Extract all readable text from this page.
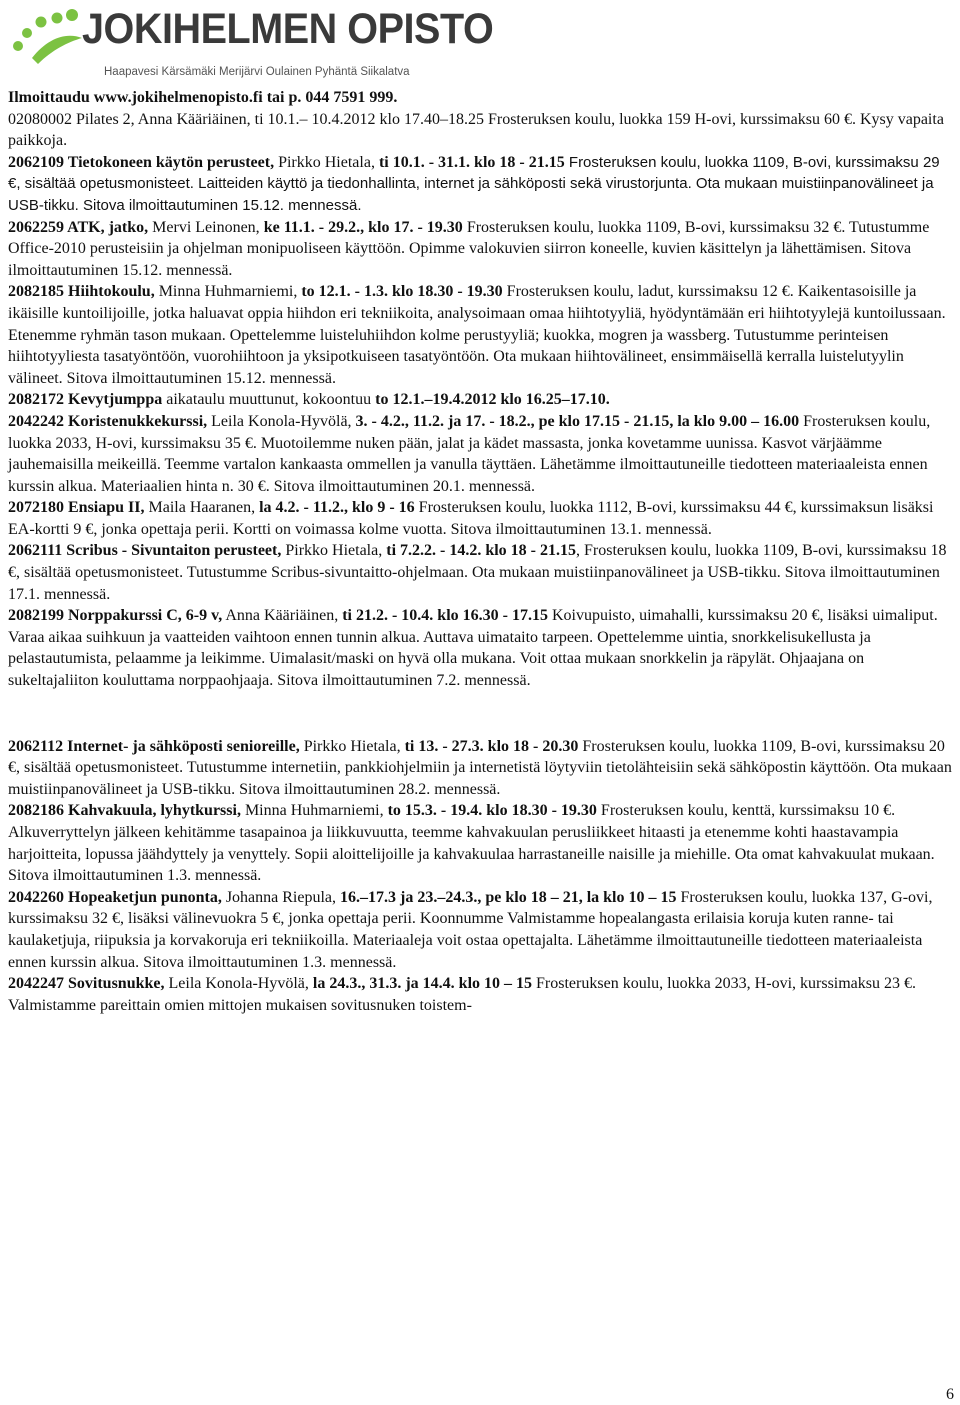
JOKIHELMEN OPISTO
Haapavesi Kärsämäki Merijärvi Oulainen Pyhäntä Siikalatva

Ilmoittaudu www.jokihelmenopisto.fi tai p. 044 7591 999.

02080002 Pilates 2, Anna Kääriäinen, ti 10.1.– 10.4.2012 klo 17.40–18.25 Frosteruksen koulu, luokka 159 H-ovi, kurssimaksu 60 €. Kysy vapaita paikkoja.

2062109 Tietokoneen käytön perusteet, Pirkko Hietala, ti 10.1. - 31.1. klo 18 - 21.15 Frosteruksen koulu, luokka 1109, B-ovi, kurssimaksu 29 €, sisältää opetusmonisteet. Laitteiden käyttö ja tiedonhallinta, internet ja sähköposti sekä virustorjunta. Ota mukaan muistiinpanovälineet ja USB-tikku. Sitova ilmoittautuminen 15.12. mennessä.

2062259 ATK, jatko, Mervi Leinonen, ke 11.1. - 29.2., klo 17. - 19.30 Frosteruksen koulu, luokka 1109, B-ovi, kurssimaksu 32 €. Tutustumme Office-2010 perusteisiin ja ohjelman monipuoliseen käyttöön. Opimme valokuvien siirron koneelle, kuvien käsittelyn ja lähettämisen. Sitova ilmoittautuminen 15.12. mennessä.

2082185 Hiihtokoulu, Minna Huhmarniemi, to 12.1. - 1.3. klo 18.30 - 19.30 Frosteruksen koulu, ladut, kurssimaksu 12 €. Kaikentasoisille ja ikäisille kuntoilijoille, jotka haluavat oppia hiihdon eri tekniikoita, analysoimaan omaa hiihtotyyliä, hyödyntämään eri hiihtotyylejä kuntoilussaan. Etenemme ryhmän tason mukaan. Opettelemme luisteluhiihdon kolme perustyyliä; kuokka, mogren ja wassberg. Tutustumme perinteisen hiihtotyyliesta tasatyöntöön, vuorohiihtoon ja yksipotkuiseen tasatyöntöön. Ota mukaan hiihtovälineet, ensimmäisellä kerralla luistelutyylin välineet. Sitova ilmoittautuminen 15.12. mennessä.

2082172 Kevytjumppa aikataulu muuttunut, kokoontuu to 12.1.–19.4.2012 klo 16.25–17.10.

2042242 Koristenukkekurssi, Leila Konola-Hyvölä, 3. - 4.2., 11.2. ja 17. - 18.2., pe klo 17.15 - 21.15, la klo 9.00 – 16.00 Frosteruksen koulu, luokka 2033, H-ovi, kurssimaksu 35 €. Muotoilemme nuken pään, jalat ja kädet massasta, jonka kovetamme uunissa. Kasvot värjäämme jauhemaisilla meikeillä. Teemme vartalon kankaasta ommellen ja vanulla täyttäen. Lähetämme ilmoittautuneille tiedotteen materiaaleista ennen kurssin alkua. Materiaalien hinta n. 30 €. Sitova ilmoittautuminen 20.1. mennessä.

2072180 Ensiapu II, Maila Haaranen, la 4.2. - 11.2., klo 9 - 16 Frosteruksen koulu, luokka 1112, B-ovi, kurssimaksu 44 €, kurssimaksun lisäksi EA-kortti 9 €, jonka opettaja perii. Kortti on voimassa kolme vuotta. Sitova ilmoittautuminen 13.1. mennessä.

2062111 Scribus - Sivuntaiton perusteet, Pirkko Hietala, ti 7.2.2. - 14.2. klo 18 - 21.15, Frosteruksen koulu, luokka 1109, B-ovi, kurssimaksu 18 €, sisältää opetusmonisteet. Tutustumme Scribus-sivuntaitto-ohjelmaan. Ota mukaan muistiinpanovälineet ja USB-tikku. Sitova ilmoittautuminen 17.1. mennessä.

2082199 Norppakurssi C, 6-9 v, Anna Kääriäinen, ti 21.2. - 10.4. klo 16.30 - 17.15 Koivupuisto, uimahalli, kurssimaksu 20 €, lisäksi uimaliput. Varaa aikaa suihkuun ja vaatteiden vaihtoon ennen tunnin alkua. Auttava uimataito tarpeen. Opettelemme uintia, snorkkelisukellusta ja pelastautumista, pelaamme ja leikimme. Uimalasit/maski on hyvä olla mukana. Voit ottaa mukaan snorkkelin ja räpylät. Ohjaajana on sukeltajaliiton kouluttama norppaohjaaja. Sitova ilmoittautuminen 7.2. mennessä.

2062112 Internet- ja sähköposti senioreille, Pirkko Hietala, ti 13. - 27.3. klo 18 - 20.30 Frosteruksen koulu, luokka 1109, B-ovi, kurssimaksu 20 €, sisältää opetusmonisteet. Tutustumme internetiin, pankkiohjelmiin ja internetistä löytyviin tietolähteisiin sekä sähköpostin käyttöön. Ota mukaan muistiinpanovälineet ja USB-tikku. Sitova ilmoittautuminen 28.2. mennessä.

2082186 Kahvakuula, lyhytkurssi, Minna Huhmarniemi, to 15.3. - 19.4. klo 18.30 - 19.30 Frosteruksen koulu, kenttä, kurssimaksu 10 €. Alkuverryttelyn jälkeen kehitämme tasapainoa ja liikkuvuutta, teemme kahvakuulan perusliikkeet hitaasti ja etenemme kohti haastavampia harjoitteita, lopussa jäähdyttely ja venyttely. Sopii aloittelijoille ja kahvakuulaa harrastaneille naisille ja miehille. Ota omat kahvakuulat mukaan. Sitova ilmoittautuminen 1.3. mennessä.

2042260 Hopeaketjun punonta, Johanna Riepula, 16.–17.3 ja 23.–24.3., pe klo 18 – 21, la klo 10 – 15 Frosteruksen koulu, luokka 137, G-ovi, kurssimaksu 32 €, lisäksi välinevuokra 5 €, jonka opettaja perii. Koonnumme Valmistamme hopealangasta erilaisia koruja kuten ranne- tai kaulaketjuja, riipuksia ja korvakoruja eri tekniikoilla. Materiaaleja voit ostaa opettajalta. Lähetämme ilmoittautuneille tiedotteen materiaaleista ennen kurssin alkua. Sitova ilmoittautuminen 1.3. mennessä.

2042247 Sovitusnukke, Leila Konola-Hyvölä, la 24.3., 31.3. ja 14.4. klo 10 – 15 Frosteruksen koulu, luokka 2033, H-ovi, kurssimaksu 23 €. Valmistamme pareittain omien mittojen mukaisen sovitusnuken toistem-

6
